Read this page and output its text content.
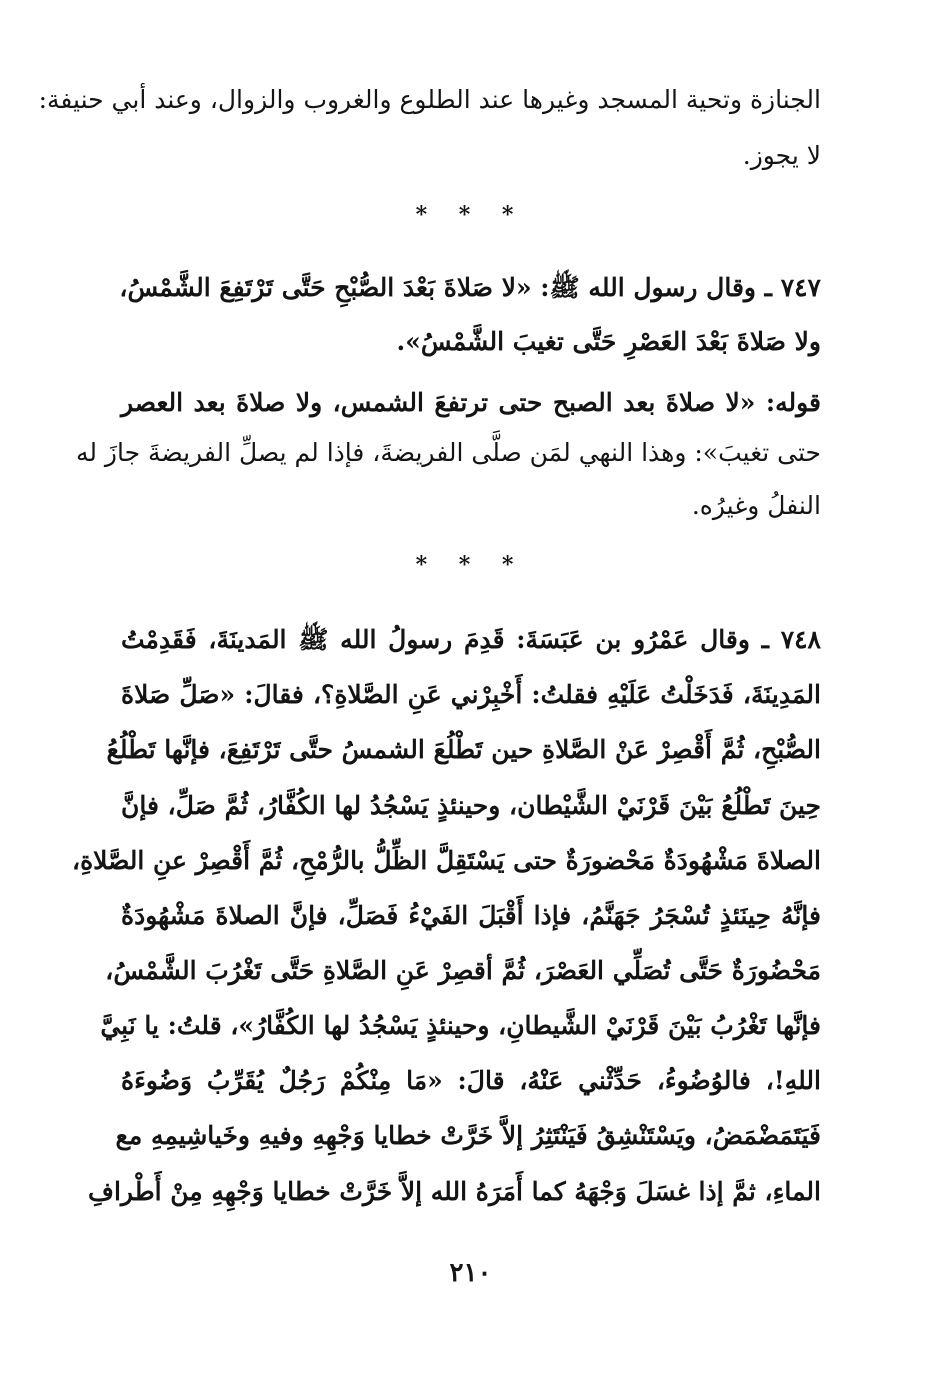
الجنازة وتحية المسجد وغيرها عند الطلوع والغروب والزوال، وعند أبي حنيفة:
لا يجوز.
* * *
٧٤٧ ـ وقال رسول الله ﷺ: «لا صَلاةَ بَعْدَ الصُّبْحِ حَتَّى تَرْتَفِعَ الشَّمْسُ،
ولا صَلاةَ بَعْدَ العَصْرِ حَتَّى تغيبَ الشَّمْسُ».
قوله: «لا صلاةَ بعد الصبح حتى ترتفعَ الشمس، ولا صلاةَ بعد العصر
حتى تغيبَ»: وهذا النهي لمَن صلَّى الفريضةَ، فإذا لم يصلِّ الفريضةَ جازَ له
النفلُ وغيرُه.
* * *
٧٤٨ ـ وقال عَمْرُو بن عَبَسَةَ: قَدِمَ رسولُ الله ﷺ المَدينَةَ، فَقَدِمْتُ
المَدِينَةَ، فَدَخَلْتُ عَلَيْهِ فقلتُ: أَخْبِرْني عَنِ الصَّلاةِ؟، فقالَ: «صَلِّ صَلاةَ
الصُّبْحِ، ثُمَّ أَقْصِرْ عَنْ الصَّلاةِ حين تَطْلُعَ الشمسُ حتَّى تَرْتَفِعَ، فإنَّها تَطْلُعُ
حِينَ تَطْلُعُ بَيْنَ قَرْنَيْ الشَّيْطان، وحينئذٍ يَسْجُدُ لها الكُفَّارُ، ثُمَّ صَلِّ، فإنَّ
الصلاةَ مَشْهُودَةٌ مَحْضورَةٌ حتى يَسْتَقِلَّ الظِّلُّ بالرُّمْحِ، ثُمَّ أَقْصِرْ عنِ الصَّلاةِ،
فإنَّهُ حِينَئذٍ تُسْجَرُ جَهَنَّمُ، فإذا أَقْبَلَ الفَيْءُ فَصَلِّ، فإنَّ الصلاةَ مَشْهُودَةٌ
مَحْضُورَةٌ حَتَّى تُصَلِّي العَصْرَ، ثُمَّ أقصِرْ عَنِ الصَّلاةِ حَتَّى تَغْرُبَ الشَّمْسُ،
فإنَّها تَغْرُبُ بَيْنَ قَرْنَيْ الشَّيطانِ، وحينئذٍ يَسْجُدُ لها الكُفَّارُ»، قلتُ: يا نَبِيَّ
اللهِ!، فالوُضُوءُ، حَدِّثْني عَنْهُ، قالَ: «مَا مِنْكُمْ رَجُلٌ يُقَرِّبُ وَضُوءَهُ
فَيَتَمَضْمَضُ، ويَسْتَنْشِقُ فَيَنْتَثِرُ إلاَّ خَرَّتْ خطايا وَجْهِهِ وفيهِ وخَياشِيمِهِ مع
الماءِ، ثمَّ إذا غسَلَ وَجْهَهُ كما أَمَرَهُ الله إلاَّ خَرَّتْ خطايا وَجْهِهِ مِنْ أَطْرافِ
٢١٠
